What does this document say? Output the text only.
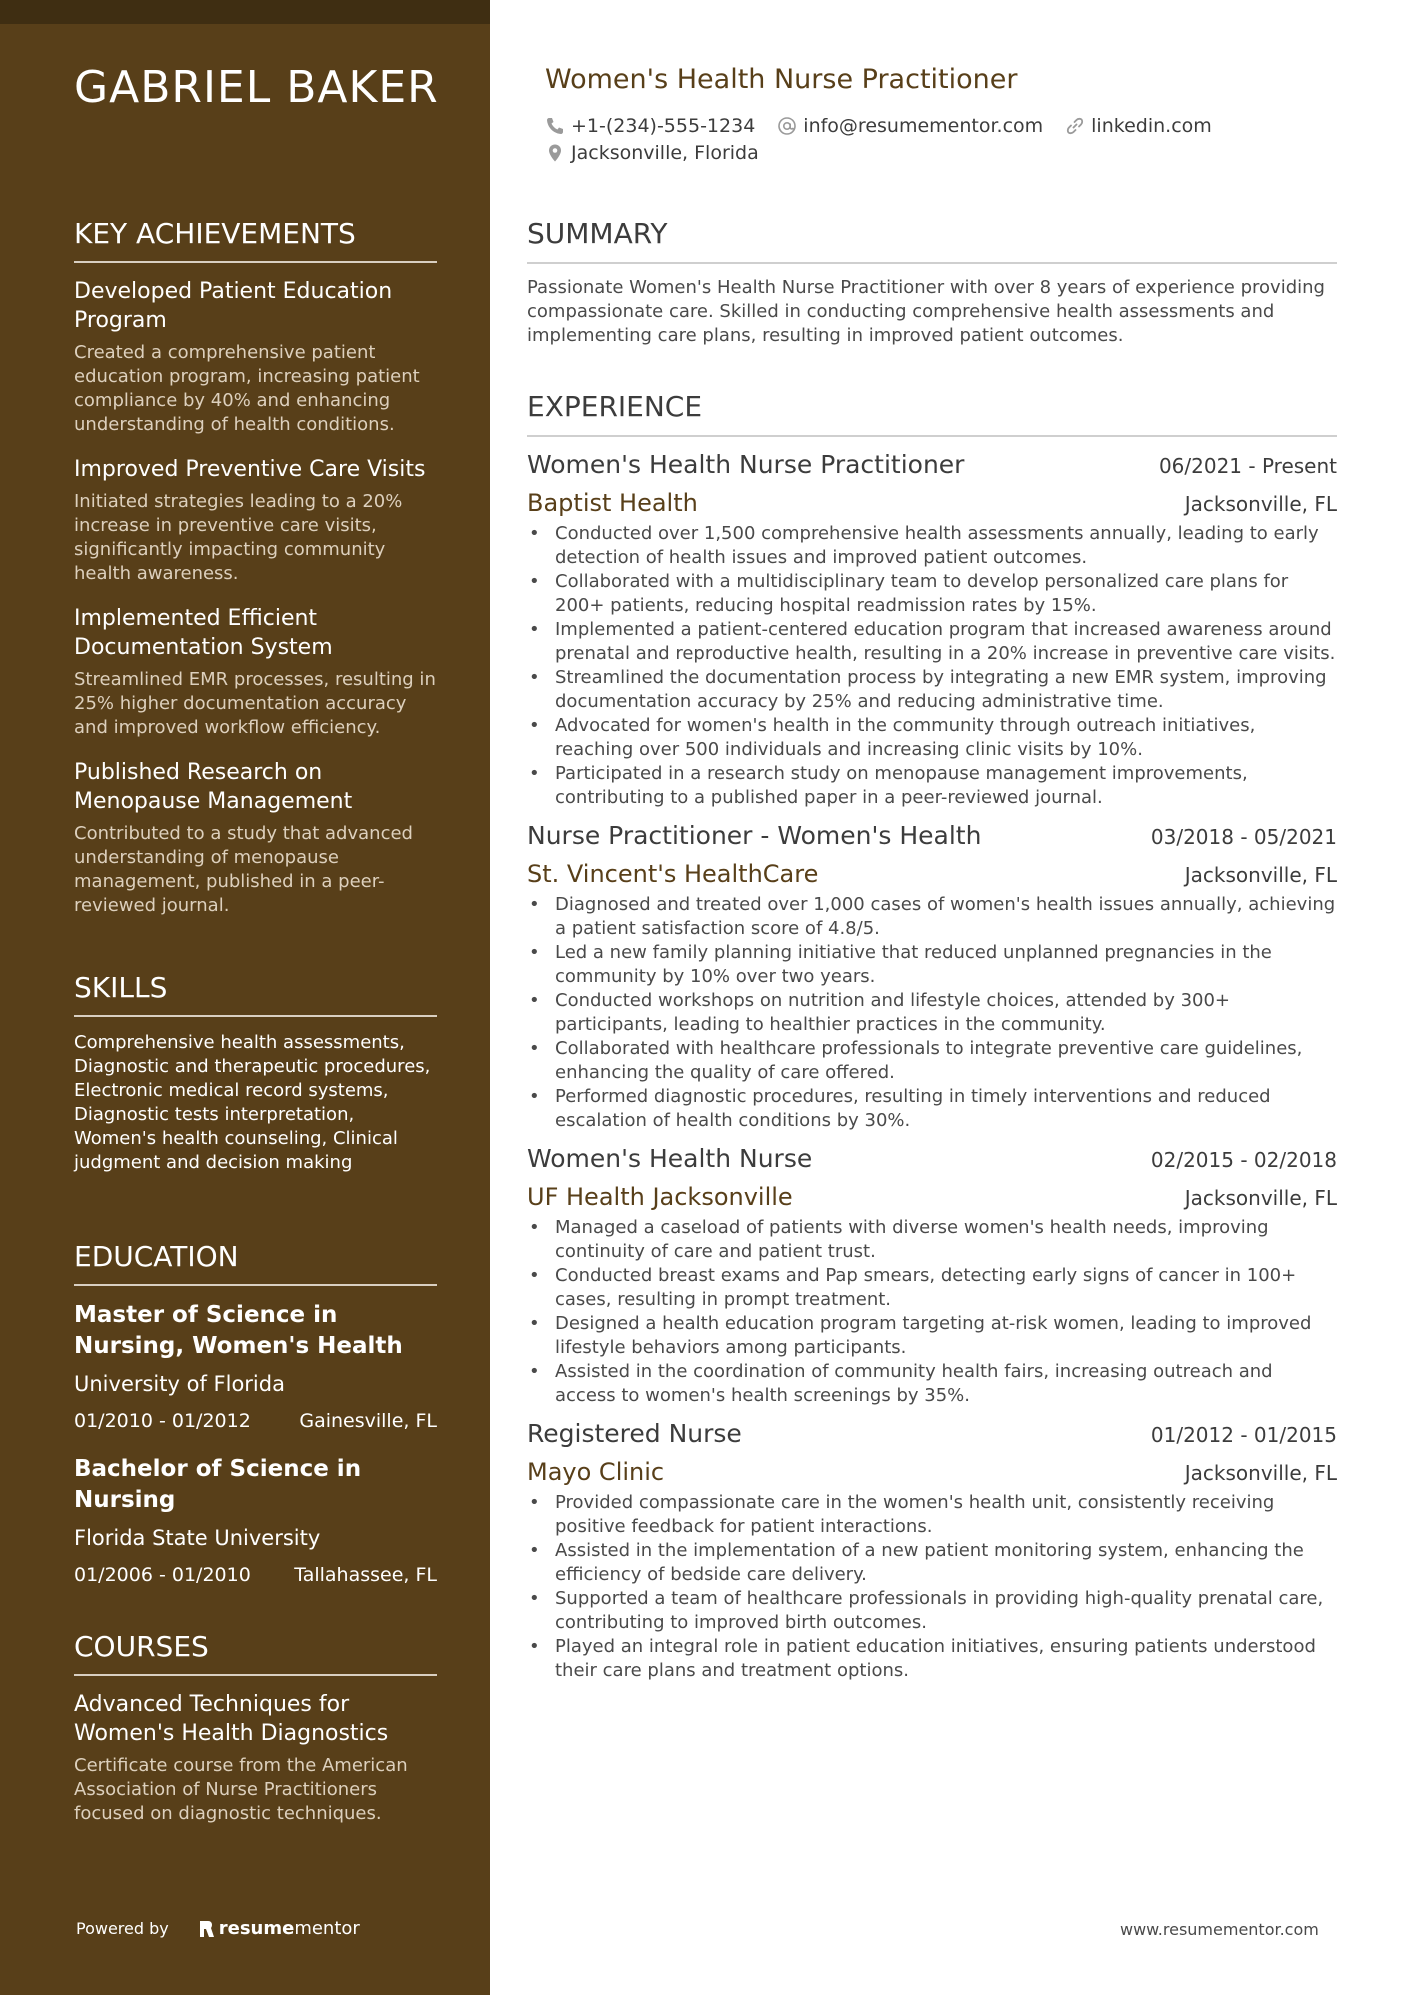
GABRIEL BAKER
KEY ACHIEVEMENTS
Developed Patient Education Program
Created a comprehensive patient education program, increasing patient compliance by 40% and enhancing understanding of health conditions.
Improved Preventive Care Visits
Initiated strategies leading to a 20% increase in preventive care visits, significantly impacting community health awareness.
Implemented Efficient Documentation System
Streamlined EMR processes, resulting in 25% higher documentation accuracy and improved workflow efficiency.
Published Research on Menopause Management
Contributed to a study that advanced understanding of menopause management, published in a peer-reviewed journal.
SKILLS
Comprehensive health assessments, Diagnostic and therapeutic procedures, Electronic medical record systems, Diagnostic tests interpretation, Women's health counseling, Clinical judgment and decision making
EDUCATION
Master of Science in Nursing, Women's Health
University of Florida
01/2010 - 01/2012	Gainesville, FL
Bachelor of Science in Nursing
Florida State University
01/2006 - 01/2010 Tallahassee, FL
COURSES
Advanced Techniques for Women's Health Diagnostics
Certificate course from the American Association of Nurse Practitioners focused on diagnostic techniques.
Powered by	resume mentor
Women's Health Nurse Practitioner
+1-(234)-555-1234	info@resumementor.com	linkedin.com
Jacksonville, Florida
SUMMARY
Passionate Women's Health Nurse Practitioner with over 8 years of experience providing compassionate care. Skilled in conducting comprehensive health assessments and implementing care plans, resulting in improved patient outcomes.
EXPERIENCE
Women's Health Nurse Practitioner	06/2021 - Present
Baptist Health	Jacksonville, FL
• Conducted over 1,500 comprehensive health assessments annually, leading to early detection of health issues and improved patient outcomes.
• Collaborated with a multidisciplinary team to develop personalized care plans for 200+ patients, reducing hospital readmission rates by 15%.
• Implemented a patient-centered education program that increased awareness around prenatal and reproductive health, resulting in a 20% increase in preventive care visits.
• Streamlined the documentation process by integrating a new EMR system, improving documentation accuracy by 25% and reducing administrative time.
• Advocated for women's health in the community through outreach initiatives, reaching over 500 individuals and increasing clinic visits by 10%.
• Participated in a research study on menopause management improvements, contributing to a published paper in a peer-reviewed journal.
Nurse Practitioner - Women's Health	03/2018 - 05/2021
St. Vincent's HealthCare	Jacksonville, FL
• Diagnosed and treated over 1,000 cases of women's health issues annually, achieving a patient satisfaction score of 4.8/5.
• Led a new family planning initiative that reduced unplanned pregnancies in the community by 10% over two years.
• Conducted workshops on nutrition and lifestyle choices, attended by 300+ participants, leading to healthier practices in the community.
• Collaborated with healthcare professionals to integrate preventive care guidelines, enhancing the quality of care offered.
• Performed diagnostic procedures, resulting in timely interventions and reduced escalation of health conditions by 30%.
Women's Health Nurse	02/2015 - 02/2018
UF Health Jacksonville	Jacksonville, FL
• Managed a caseload of patients with diverse women's health needs, improving continuity of care and patient trust.
• Conducted breast exams and Pap smears, detecting early signs of cancer in 100+ cases, resulting in prompt treatment.
• Designed a health education program targeting at-risk women, leading to improved lifestyle behaviors among participants.
• Assisted in the coordination of community health fairs, increasing outreach and access to women's health screenings by 35%.
Registered Nurse	01/2012 - 01/2015
Mayo Clinic	Jacksonville, FL
• Provided compassionate care in the women's health unit, consistently receiving positive feedback for patient interactions.
• Assisted in the implementation of a new patient monitoring system, enhancing the efficiency of bedside care delivery.
• Supported a team of healthcare professionals in providing high-quality prenatal care, contributing to improved birth outcomes.
• Played an integral role in patient education initiatives, ensuring patients understood their care plans and treatment options.
www.resumementor.com
